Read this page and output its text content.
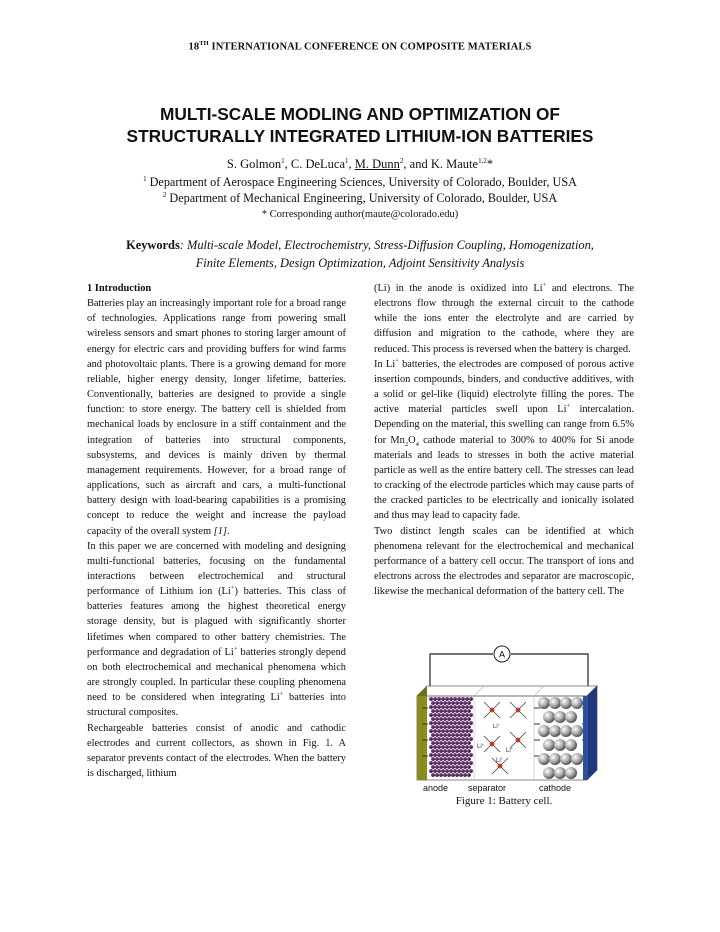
18TH INTERNATIONAL CONFERENCE ON COMPOSITE MATERIALS
MULTI-SCALE MODLING AND OPTIMIZATION OF
STRUCTURALLY INTEGRATED LITHIUM-ION BATTERIES
S. Golmon$^1$, C. DeLuca$^1$, M. Dunn$^2$, and K. Maute$^{1,2}$*
$^1$ Department of Aerospace Engineering Sciences, University of Colorado, Boulder, USA
$^2$ Department of Mechanical Engineering, University of Colorado, Boulder, USA
* Corresponding author(maute@colorado.edu)
Keywords: Multi-scale Model, Electrochemistry, Stress-Diffusion Coupling, Homogenization,
Finite Elements, Design Optimization, Adjoint Sensitivity Analysis

1 Introduction

Batteries play an increasingly important role for a broad range of technologies. Applications range from powering small wireless sensors and smart phones to storing larger amount of energy for electric cars and providing buffers for wind farms and photovoltaic plants. There is a growing demand for more reliable, higher energy density, longer lifetime, batteries. Conventionally, batteries are designed to provide a single function: to store energy. The battery cell is shielded from mechanical loads by enclosure in a stiff containment and the integration of batteries into structural components, subsystems, and devices is mainly driven by thermal management requirements. However, for a broad range of applications, such as aircraft and cars, a multi-functional battery design with load-bearing capabilities is a promising concept to reduce the weight and increase the payload capacity of the overall system [1].

In this paper we are concerned with modeling and designing multi-functional batteries, focusing on the fundamental interactions between electrochemical and structural performance of Lithium ion (Li+) batteries. This class of batteries features among the highest theoretical energy storage density, but is plagued with significantly shorter lifetimes when compared to other battery chemistries. The performance and degradation of Li+ batteries strongly depend on both electrochemical and mechanical phenomena which are strongly coupled. In particular these coupling phenomena need to be considered when integrating Li+ batteries into structural composites.

Rechargeable batteries consist of anodic and cathodic electrodes and current collectors, as shown in Fig. 1. A separator prevents contact of the electrodes. When the battery is discharged, lithium

(Li) in the anode is oxidized into Li+ and electrons. The electrons flow through the external circuit to the cathode while the ions enter the electrolyte and are carried by diffusion and migration to the cathode, where they are reduced. This process is reversed when the battery is charged.

In Li+ batteries, the electrodes are composed of porous active insertion compounds, binders, and conductive additives, with a solid or gel-like (liquid) electrolyte filling the pores. The active material particles swell upon Li+ intercalation. Depending on the material, this swelling can range from 6.5% for $Mn_2O_4$ cathode material to 300% to 400% for Si anode materials and leads to stresses in both the active material particle as well as the entire battery cell. The stresses can lead to cracking of the electrode particles which may cause parts of the cracked particles to be electrically and ionically isolated and thus may lead to capacity fade.

Two distinct length scales can be identified at which phenomena relevant for the electrochemical and mechanical performance of a battery cell occur. The transport of ions and electrons across the electrodes and separator are macroscopic, likewise the mechanical deformation of the battery cell. The

A
Li+
Li+
Li+
Li+
anode separator	cathode
Figure 1: Battery cell.
